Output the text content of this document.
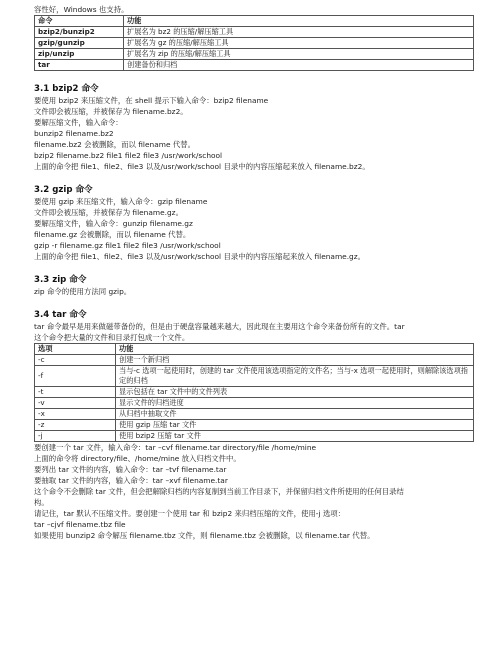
容性好，Windows 也支持。

命令	功能
bzip2/bunzip2	扩展名为 bz2 的压缩/解压缩工具
gzip/gunzip	扩展名为 gz 的压缩/解压缩工具
zip/unzip	扩展名为 zip 的压缩/解压缩工具
tar	创建备份和归档

3.1 bzip2 命令

要使用 bzip2 来压缩文件，在 shell 提示下输入命令：bzip2 filename

文件即会被压缩，并被保存为 filename.bz2。

要解压缩文件，输入命令：

bunzip2 filename.bz2

filename.bz2 会被删除，而以 filename 代替。

bzip2 filename.bz2 file1 file2 file3 /usr/work/school

上面的命令把 file1、file2、file3 以及/usr/work/school 目录中的内容压缩起来放入 filename.bz2。

3.2 gzip 命令

要使用 gzip 来压缩文件，输入命令：gzip filename

文件即会被压缩，并被保存为 filename.gz。

要解压缩文件，输入命令：gunzip filename.gz

filename.gz 会被删除，而以 filename 代替。

gzip -r filename.gz file1 file2 file3 /usr/work/school

上面的命令把 file1、file2、file3 以及/usr/work/school 目录中的内容压缩起来放入 filename.gz。

3.3 zip 命令

zip 命令的使用方法同 gzip。

3.4 tar 命令

tar 命令最早是用来做磁带备份的，但是由于硬盘容量越来越大，因此现在主要用这个命令来备份所有的文件。tar

这个命令把大量的文件和目录打包成一个文件。

选项	功能
-c	创建一个新归档
-f	当与-c 选项一起使用时，创建的 tar 文件使用该选项指定的文件名；当与-x 选项一起使用时，则解除该选项指定的归档
-t	显示包括在 tar 文件中的文件列表
-v	显示文件的归档进度
-x	从归档中抽取文件
-z	使用 gzip 压缩 tar 文件
-j	使用 bzip2 压缩 tar 文件

要创建一个 tar 文件，输入命令：tar –cvf filename.tar directory/file /home/mine

上面的命令将 directory/file、/home/mine 放入归档文件中。

要列出 tar 文件的内容，输入命令：tar –tvf filename.tar

要抽取 tar 文件的内容，输入命令：tar –xvf filename.tar

这个命令不会删除 tar 文件，但会把解除归档的内容复制到当前工作目录下，并保留归档文件所使用的任何目录结

构。

请记住，tar 默认不压缩文件。要创建一个使用 tar 和 bzip2 来归档压缩的文件，使用-j 选项：

tar –cjvf filename.tbz file

如果使用 bunzip2 命令解压 filename.tbz 文件，则 filename.tbz 会被删除，以 filename.tar 代替。
